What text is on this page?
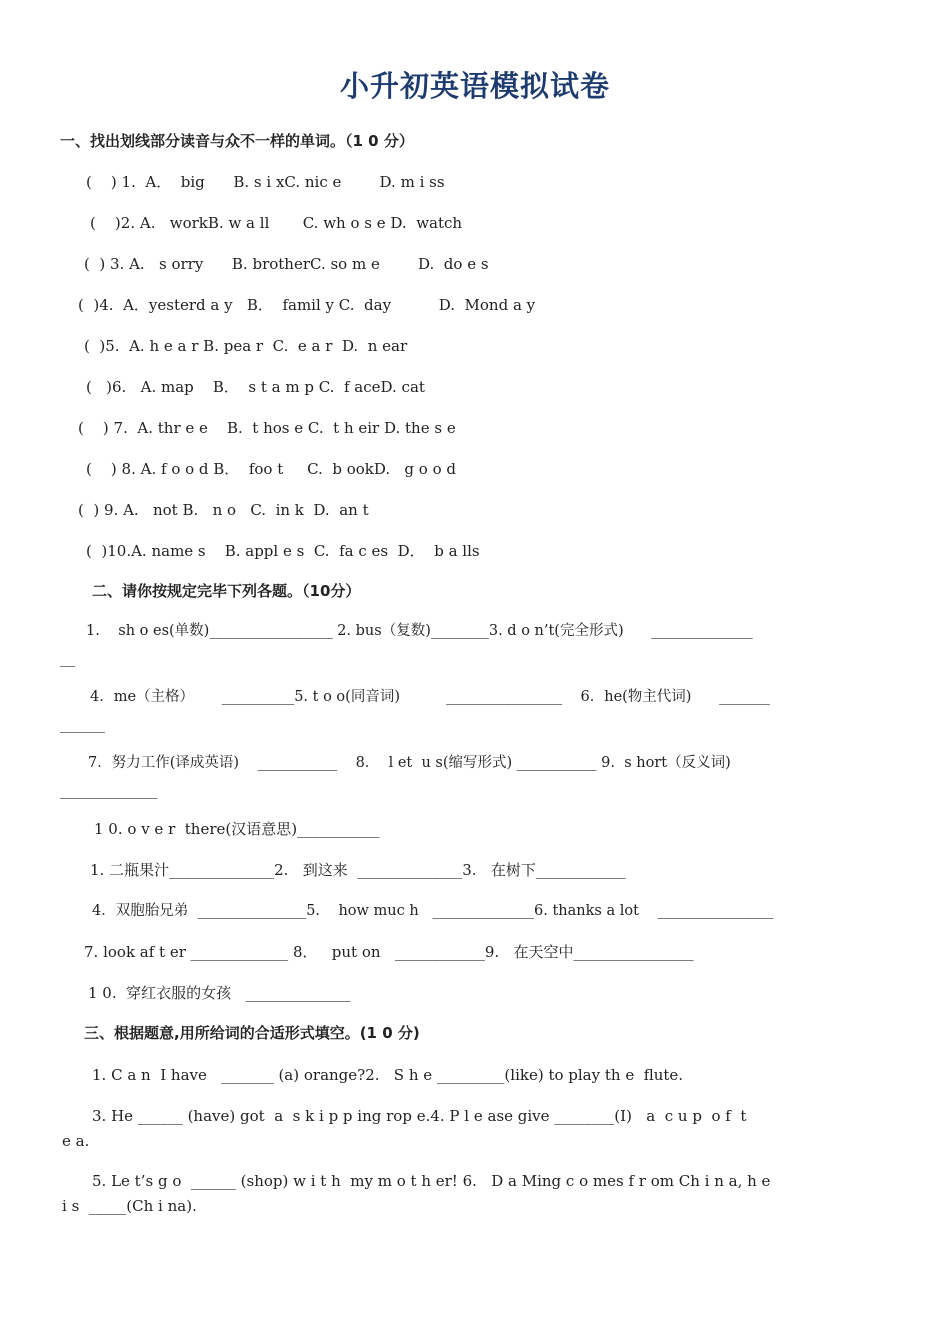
小升初英语模拟试卷
一、找出划线部分读音与众不一样的单词。（1 0 分）
(    ) 1.  A．  big      B. s i xC. nic e        D. m i ss
(    )2. A.   workB. w a ll       C. wh o s e D.  watch
(  ) 3. A.   s orry      B. brotherC. so m e        D.  do e s
(  )4.  A．yesterd a y   B．  famil y C.  day          D.  Mond a y
(  )5.  A. h e a r B. pea r  C.  e a r  D.  n ear
(   )6.   A. map    B．  s t a m p C.  f aceD. cat
(    ) 7.  A. thr e e    B.  t hos e C.  t h eir D. the s e
(    ) 8. A. f o o d B．  foo t     C.  b ookD.   g o o d
(  ) 9. A.   not B.   n o   C.  in k  D.  an t
(  )10.A. name s    B. appl e s  C.  fa c es  D．  b a lls
二、请你按规定完毕下列各题。（10分）
1.    sh o es(单数)_________________ 2. bus（复数)________3. d o n’t(完全形式)      ______________
__
4．me（主格）      __________5. t o o(同音词)          ________________    6．he(物主代词)      _______
______
7．努力工作(译成英语)    ___________    8．  l et  u s(缩写形式) ___________ 9.  s hort（反义词)
_____________
1 0. o v e r  there(汉语意思)___________
1. 二瓶果汁______________2.   到这来  ______________3.   在树下____________
4．双胞胎兄弟  _______________5.    how muc h   ______________6. thanks a lot    ________________
7. look af t er _____________ 8．   put on   ____________9.   在天空中________________
1 0.  穿红衣服的女孩   ______________
三、根据题意,用所给词的合适形式填空。(1 0 分)
1. C a n  I have   _______ (a) orange?2.   S h e _________(like) to play th e  flute.
3. He ______ (have) got  a  s k i p p ing rop e.4. P l e ase give ________(I)   a  c u p  o f  t
e a.
5. Le t’s g o  ______ (shop) w i t h  my m o t h er! 6.   D a Ming c o mes f r om Ch i n a, h e
i s  _____(Ch i na).
